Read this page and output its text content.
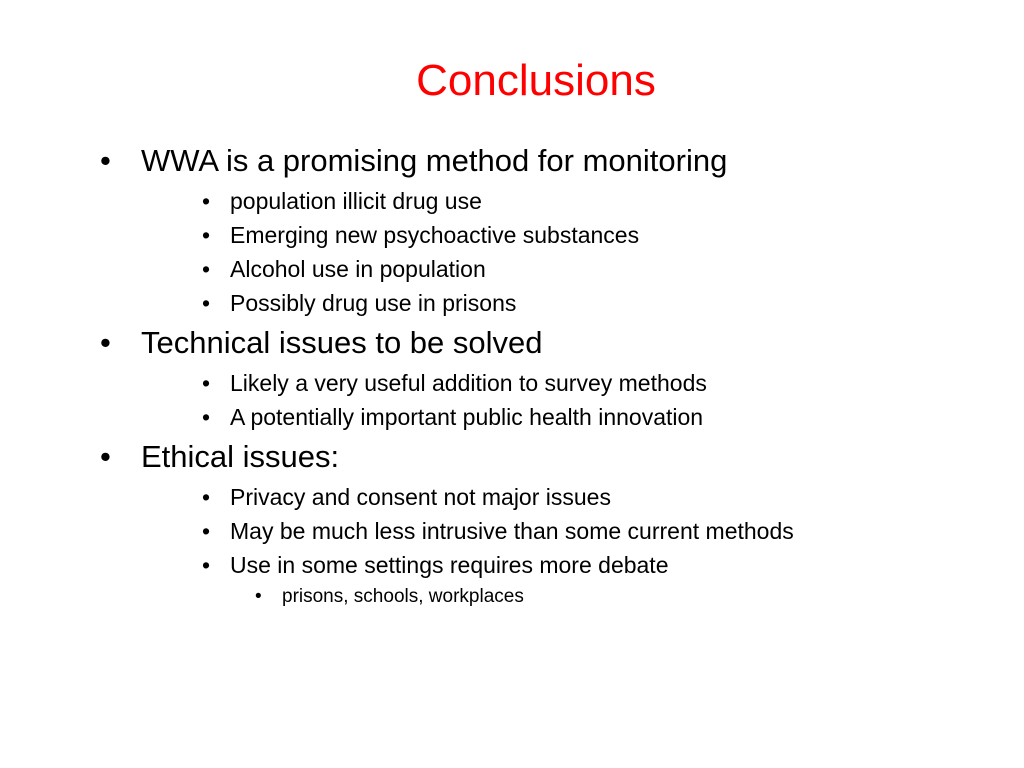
Conclusions
• WWA is a promising method for monitoring
• population illicit drug use
• Emerging new psychoactive substances
• Alcohol use in population
• Possibly drug use in prisons
• Technical issues to be solved
• Likely a very useful addition to survey methods
• A potentially important public health innovation
• Ethical issues:
• Privacy and consent not major issues
• May be much less intrusive than some current methods
• Use in some settings requires more debate
• prisons, schools, workplaces
